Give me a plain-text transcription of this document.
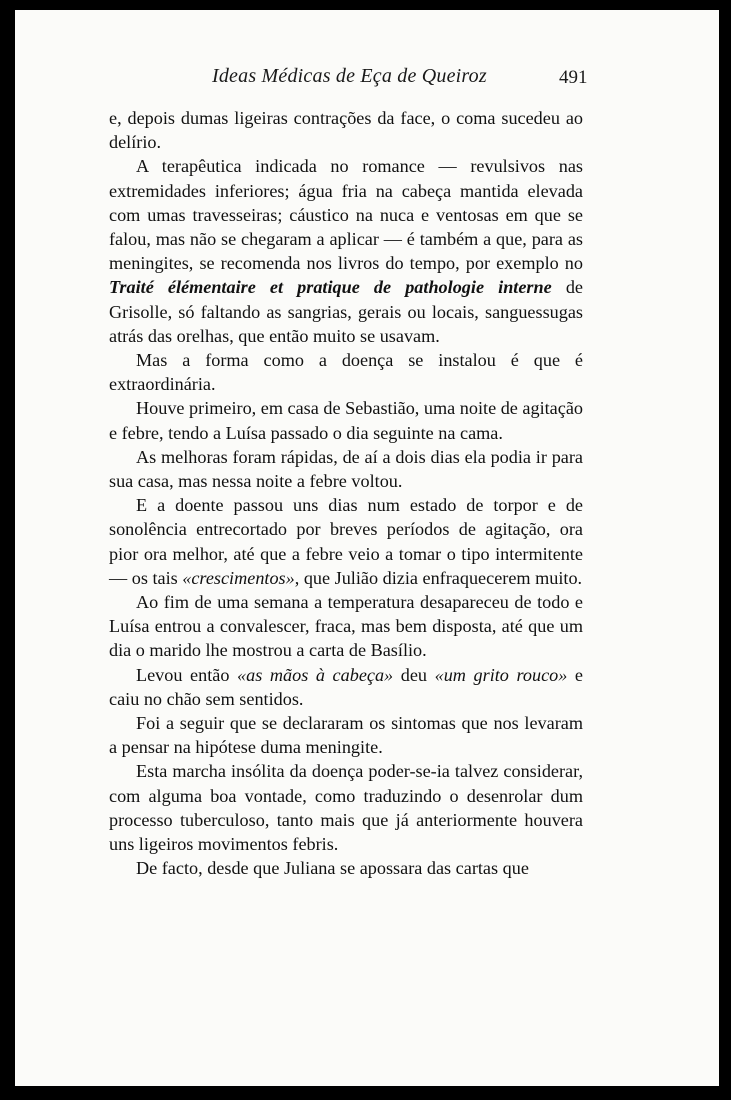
Ideas Médicas de Eça de Queiroz	491

e, depois dumas ligeiras contrações da face, o coma sucedeu ao delírio.

A terapêutica indicada no romance — revulsivos nas extremidades inferiores; água fria na cabeça mantida elevada com umas travesseiras; cáustico na nuca e ventosas em que se falou, mas não se chegaram a aplicar — é também a que, para as meningites, se recomenda nos livros do tempo, por exemplo no Traité élémentaire et pratique de pathologie interne de Grisolle, só faltando as sangrias, gerais ou locais, sanguessugas atrás das orelhas, que então muito se usavam.

Mas a forma como a doença se instalou é que é extraordinária.

Houve primeiro, em casa de Sebastião, uma noite de agitação e febre, tendo a Luísa passado o dia seguinte na cama.

As melhoras foram rápidas, de aí a dois dias ela podia ir para sua casa, mas nessa noite a febre voltou.

E a doente passou uns dias num estado de torpor e de sonolência entrecortado por breves períodos de agitação, ora pior ora melhor, até que a febre veio a tomar o tipo intermitente — os tais «crescimentos», que Julião dizia enfraquecerem muito.

Ao fim de uma semana a temperatura desapareceu de todo e Luísa entrou a convalescer, fraca, mas bem disposta, até que um dia o marido lhe mostrou a carta de Basílio.

Levou então «as mãos à cabeça» deu «um grito rouco» e caiu no chão sem sentidos.

Foi a seguir que se declararam os sintomas que nos levaram a pensar na hipótese duma meningite.

Esta marcha insólita da doença poder-se-ia talvez considerar, com alguma boa vontade, como traduzindo o desenrolar dum processo tuberculoso, tanto mais que já anteriormente houvera uns ligeiros movimentos febris.

De facto, desde que Juliana se apossara das cartas que
